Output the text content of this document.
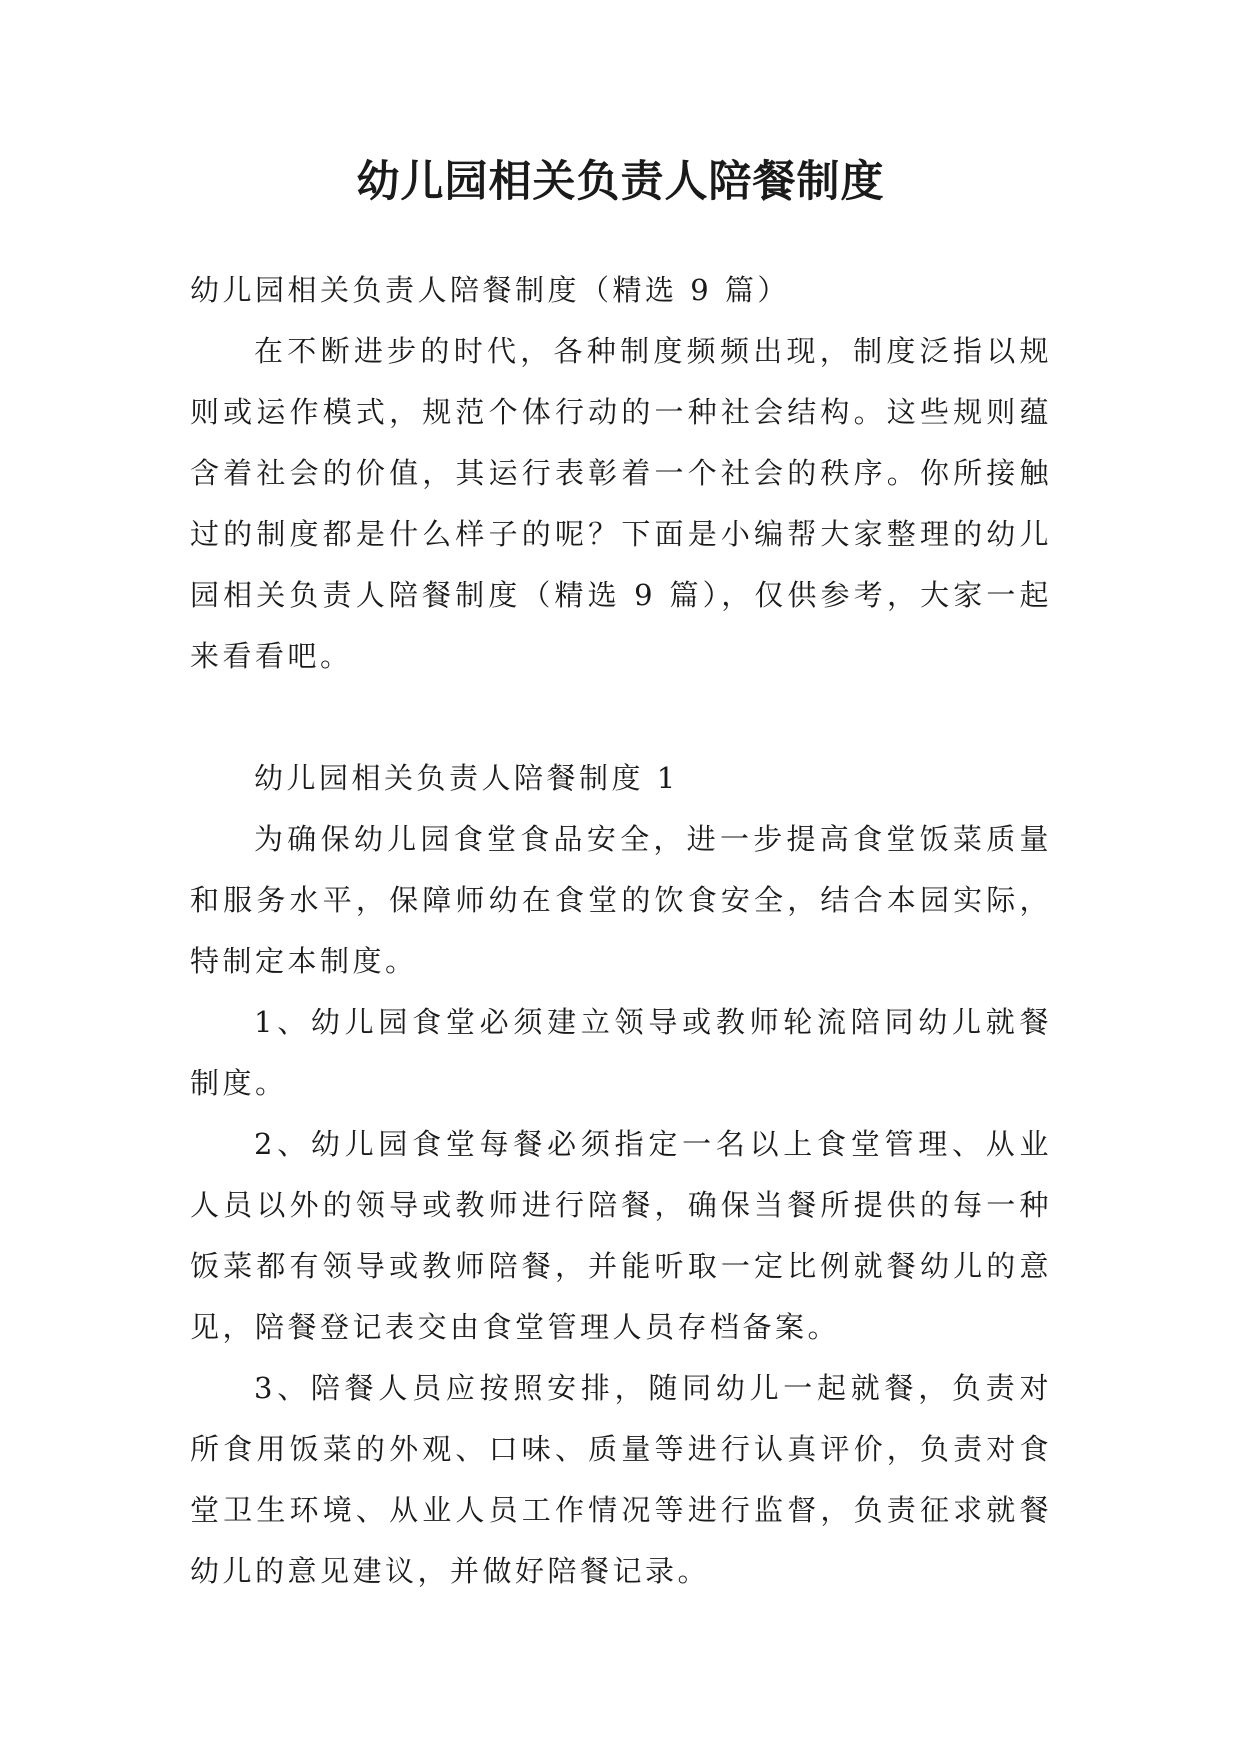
幼儿园相关负责人陪餐制度

幼儿园相关负责人陪餐制度（精选 9 篇）

在不断进步的时代，各种制度频频出现，制度泛指以规则或运作模式，规范个体行动的一种社会结构。这些规则蕴含着社会的价值，其运行表彰着一个社会的秩序。你所接触过的制度都是什么样子的呢？下面是小编帮大家整理的幼儿园相关负责人陪餐制度（精选 9 篇），仅供参考，大家一起来看看吧。

幼儿园相关负责人陪餐制度 1

为确保幼儿园食堂食品安全，进一步提高食堂饭菜质量和服务水平，保障师幼在食堂的饮食安全，结合本园实际，特制定本制度。

1、幼儿园食堂必须建立领导或教师轮流陪同幼儿就餐制度。

2、幼儿园食堂每餐必须指定一名以上食堂管理、从业人员以外的领导或教师进行陪餐，确保当餐所提供的每一种饭菜都有领导或教师陪餐，并能听取一定比例就餐幼儿的意见，陪餐登记表交由食堂管理人员存档备案。

3、陪餐人员应按照安排，随同幼儿一起就餐，负责对所食用饭菜的外观、口味、质量等进行认真评价，负责对食堂卫生环境、从业人员工作情况等进行监督，负责征求就餐幼儿的意见建议，并做好陪餐记录。
